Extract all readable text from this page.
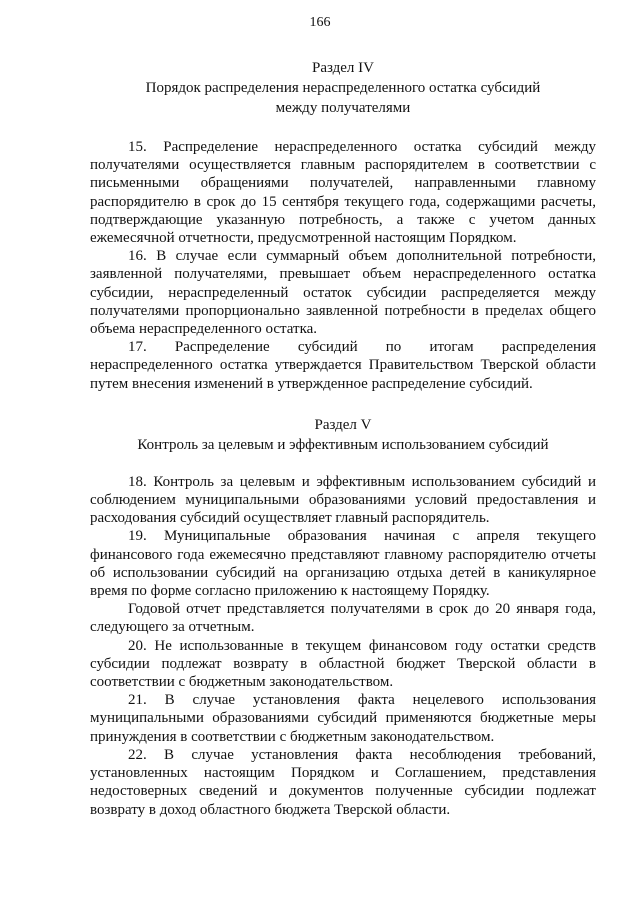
166
Раздел IV
Порядок распределения нераспределенного остатка субсидий
между получателями

15. Распределение нераспределенного остатка субсидий между получателями осуществляется главным распорядителем в соответствии с письменными обращениями получателей, направленными главному распорядителю в срок до 15 сентября текущего года, содержащими расчеты, подтверждающие указанную потребность, а также с учетом данных ежемесячной отчетности, предусмотренной настоящим Порядком.

16. В случае если суммарный объем дополнительной потребности, заявленной получателями, превышает объем нераспределенного остатка субсидии, нераспределенный остаток субсидии распределяется между получателями пропорционально заявленной потребности в пределах общего объема нераспределенного остатка.

17. Распределение субсидий по итогам распределения нераспределенного остатка утверждается Правительством Тверской области путем внесения изменений в утвержденное распределение субсидий.

Раздел V
Контроль за целевым и эффективным использованием субсидий

18. Контроль за целевым и эффективным использованием субсидий и соблюдением муниципальными образованиями условий предоставления и расходования субсидий осуществляет главный распорядитель.

19. Муниципальные образования начиная с апреля текущего финансового года ежемесячно представляют главному распорядителю отчеты об использовании субсидий на организацию отдыха детей в каникулярное время по форме согласно приложению к настоящему Порядку.

Годовой отчет представляется получателями в срок до 20 января года, следующего за отчетным.

20. Не использованные в текущем финансовом году остатки средств субсидии подлежат возврату в областной бюджет Тверской области в соответствии с бюджетным законодательством.

21. В случае установления факта нецелевого использования муниципальными образованиями субсидий применяются бюджетные меры принуждения в соответствии с бюджетным законодательством.

22. В случае установления факта несоблюдения требований, установленных настоящим Порядком и Соглашением, представления недостоверных сведений и документов полученные субсидии подлежат возврату в доход областного бюджета Тверской области.
